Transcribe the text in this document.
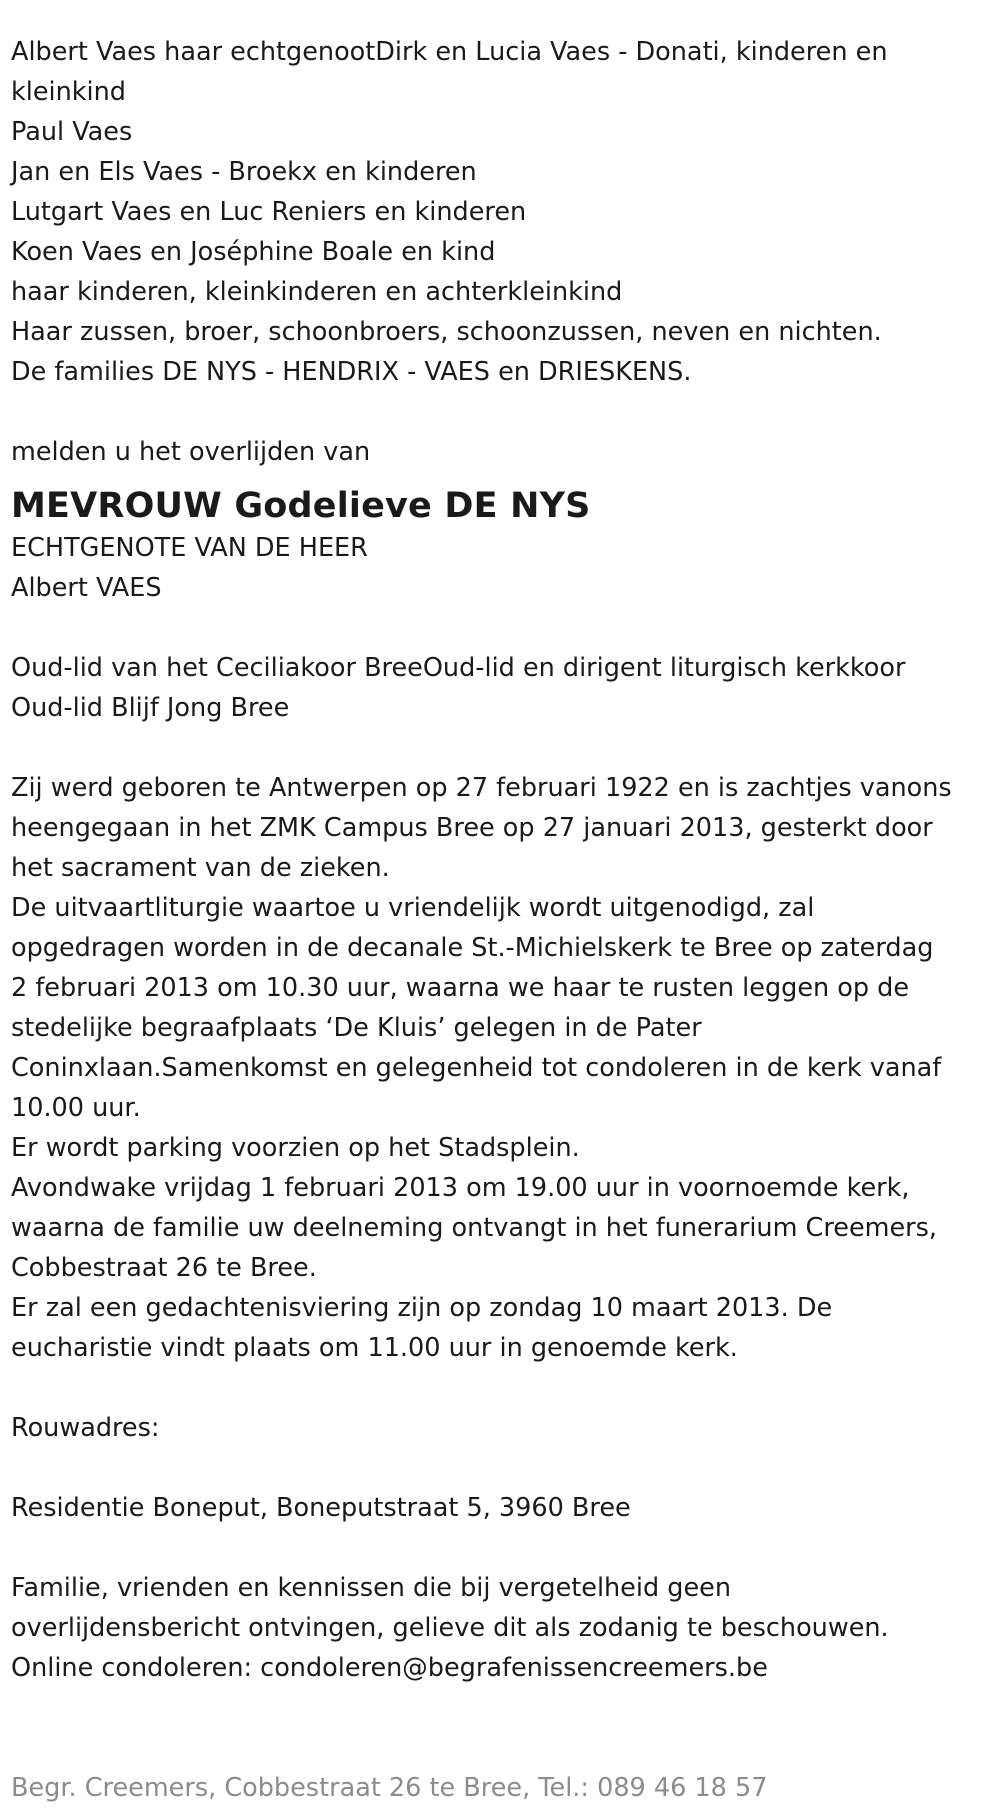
Albert Vaes haar echtgenootDirk en Lucia Vaes - Donati, kinderen en
kleinkind
Paul Vaes
Jan en Els Vaes - Broekx en kinderen
Lutgart Vaes en Luc Reniers en kinderen
Koen Vaes en Joséphine Boale en kind
haar kinderen, kleinkinderen en achterkleinkind
Haar zussen, broer, schoonbroers, schoonzussen, neven en nichten.
De families DE NYS - HENDRIX - VAES en DRIESKENS.
melden u het overlijden van
MEVROUW Godelieve DE NYS
ECHTGENOTE VAN DE HEER
Albert VAES
Oud-lid van het Ceciliakoor BreeOud-lid en dirigent liturgisch kerkkoor
Oud-lid Blijf Jong Bree
Zij werd geboren te Antwerpen op 27 februari 1922 en is zachtjes vanons
heengegaan in het ZMK Campus Bree op 27 januari 2013, gesterkt door
het sacrament van de zieken.
De uitvaartliturgie waartoe u vriendelijk wordt uitgenodigd, zal
opgedragen worden in de decanale St.-Michielskerk te Bree op zaterdag
2 februari 2013 om 10.30 uur, waarna we haar te rusten leggen op de
stedelijke begraafplaats ‘De Kluis’ gelegen in de Pater
Coninxlaan.Samenkomst en gelegenheid tot condoleren in de kerk vanaf
10.00 uur.
Er wordt parking voorzien op het Stadsplein.
Avondwake vrijdag 1 februari 2013 om 19.00 uur in voornoemde kerk,
waarna de familie uw deelneming ontvangt in het funerarium Creemers,
Cobbestraat 26 te Bree.
Er zal een gedachtenisviering zijn op zondag 10 maart 2013. De
eucharistie vindt plaats om 11.00 uur in genoemde kerk.
Rouwadres:
Residentie Boneput, Boneputstraat 5, 3960 Bree
Familie, vrienden en kennissen die bij vergetelheid geen
overlijdensbericht ontvingen, gelieve dit als zodanig te beschouwen.
Online condoleren: condoleren@begrafenissencreemers.be
Begr. Creemers, Cobbestraat 26 te Bree, Tel.: 089 46 18 57
